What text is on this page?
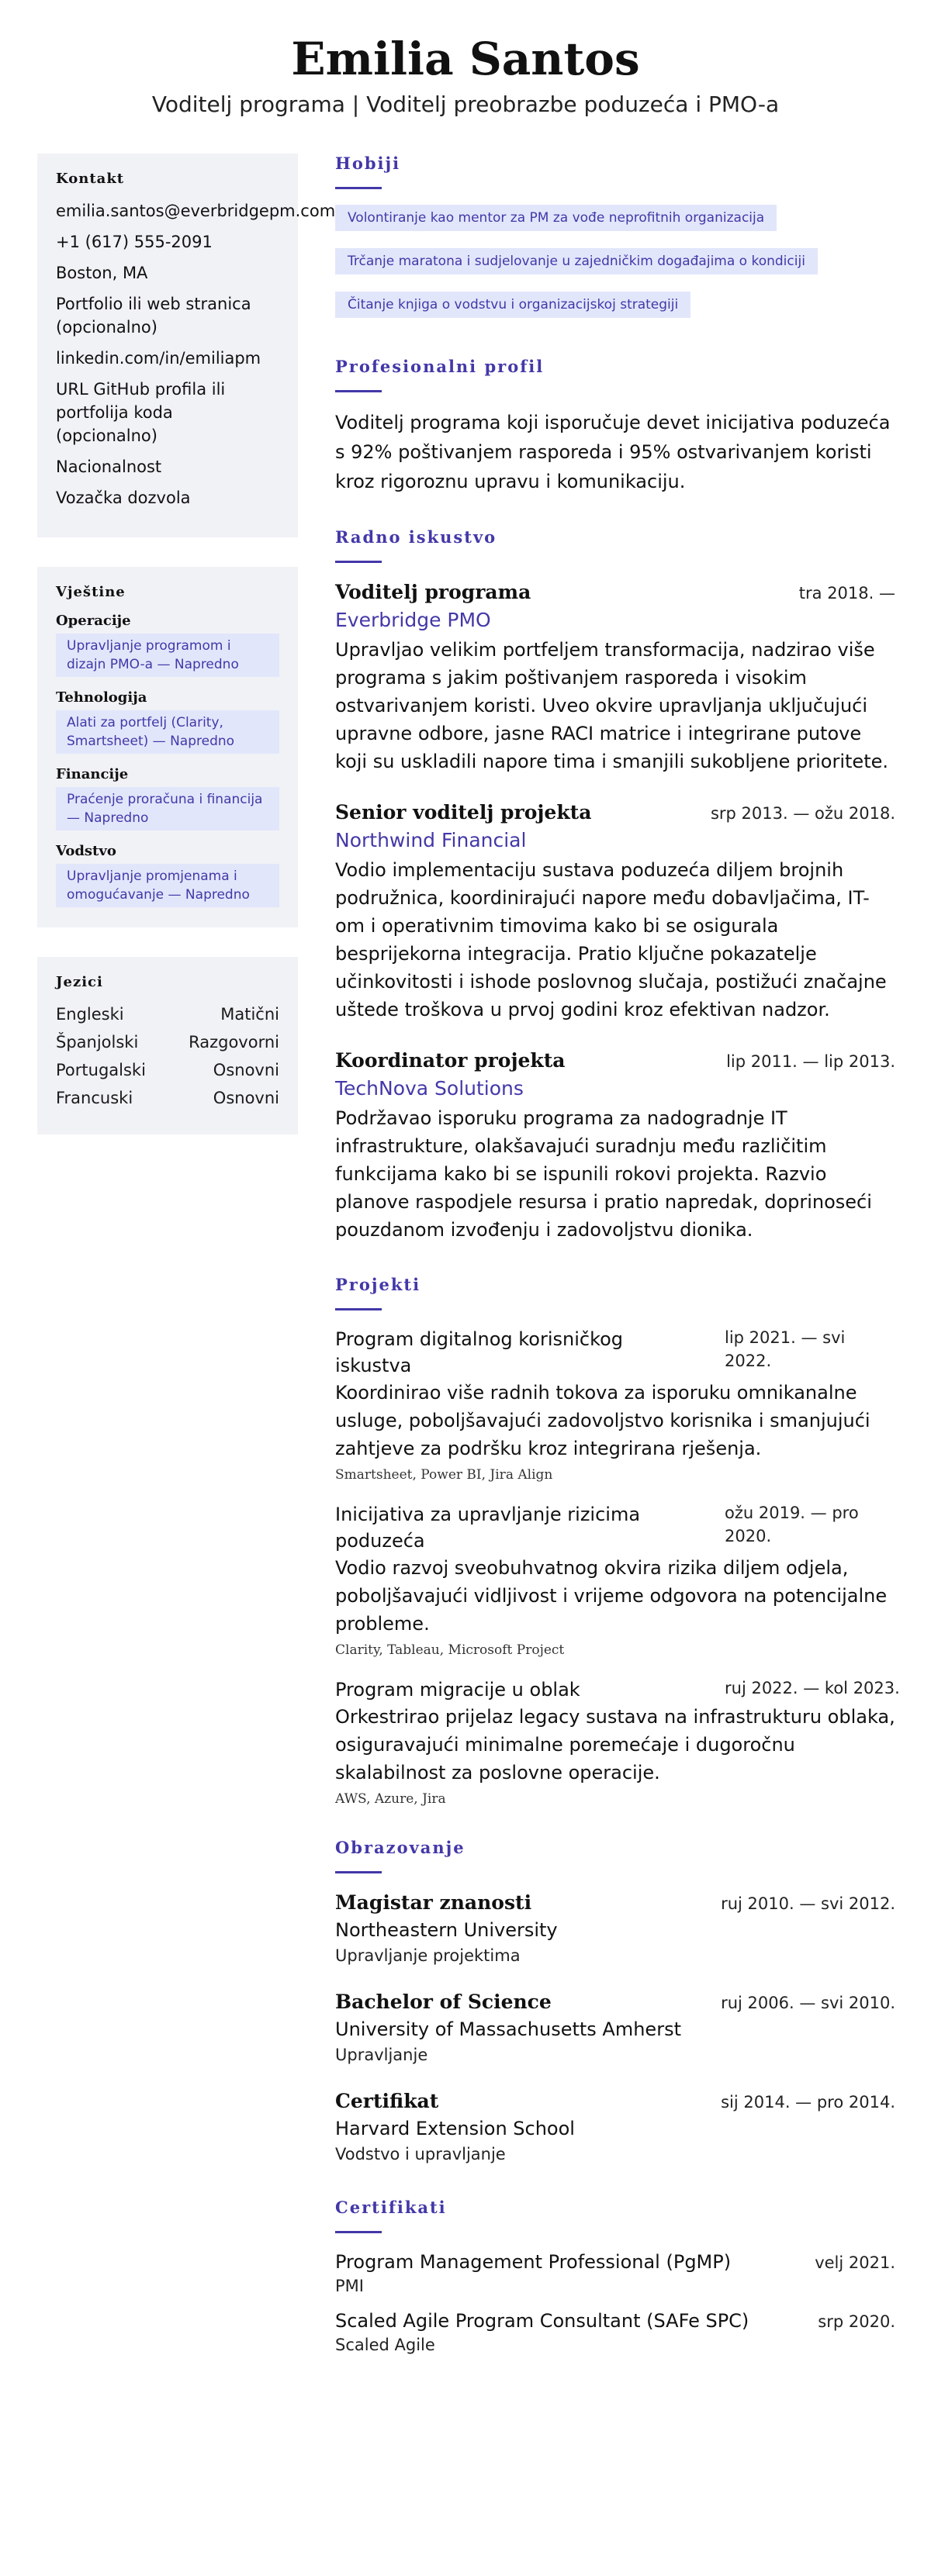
Emilia Santos
Voditelj programa | Voditelj preobrazbe poduzeća i PMO-a
Kontakt
emilia.santos@everbridgepm.com
+1 (617) 555-2091
Boston, MA
Portfolio ili web stranica (opcionalno)
linkedin.com/in/emiliapm
URL GitHub profila ili portfolija koda (opcionalno)
Nacionalnost
Vozačka dozvola
Vještine
Operacije
Upravljanje programom i dizajn PMO-a — Napredno
Tehnologija
Alati za portfelj (Clarity, Smartsheet) — Napredno
Financije
Praćenje proračuna i financija — Napredno
Vodstvo
Upravljanje promjenama i omogućavanje — Napredno
Jezici
Engleski	Matični
Španjolski	Razgovorni
Portugalski	Osnovni
Francuski	Osnovni
Hobiji
Volontiranje kao mentor za PM za vođe neprofitnih organizacija
Trčanje maratona i sudjelovanje u zajedničkim događajima o kondiciji
Čitanje knjiga o vodstvu i organizacijskoj strategiji
Profesionalni profil
Voditelj programa koji isporučuje devet inicijativa poduzeća s 92% poštivanjem rasporeda i 95% ostvarivanjem koristi kroz rigoroznu upravu i komunikaciju.
Radno iskustvo
Voditelj programa	tra 2018. —
Everbridge PMO
Upravljao velikim portfeljem transformacija, nadzirao više programa s jakim poštivanjem rasporeda i visokim ostvarivanjem koristi. Uveo okvire upravljanja uključujući upravne odbore, jasne RACI matrice i integrirane putove koji su uskladili napore tima i smanjili sukobljene prioritete.
Senior voditelj projekta	srp 2013. — ožu 2018.
Northwind Financial
Vodio implementaciju sustava poduzeća diljem brojnih podružnica, koordinirajući napore među dobavljačima, IT-om i operativnim timovima kako bi se osigurala besprijekorna integracija. Pratio ključne pokazatelje učinkovitosti i ishode poslovnog slučaja, postižući značajne uštede troškova u prvoj godini kroz efektivan nadzor.
Koordinator projekta	lip 2011. — lip 2013.
TechNova Solutions
Podržavao isporuku programa za nadogradnje IT infrastrukture, olakšavajući suradnju među različitim funkcijama kako bi se ispunili rokovi projekta. Razvio planove raspodjele resursa i pratio napredak, doprinoseći pouzdanom izvođenju i zadovoljstvu dionika.
Projekti
Program digitalnog korisničkog iskustva
lip 2021. — svi 2022.
Koordinirao više radnih tokova za isporuku omnikanalne usluge, poboljšavajući zadovoljstvo korisnika i smanjujući zahtjeve za podršku kroz integrirana rješenja.
Smartsheet, Power BI, Jira Align
Inicijativa za upravljanje rizicima poduzeća
ožu 2019. — pro 2020.
Vodio razvoj sveobuhvatnog okvira rizika diljem odjela, poboljšavajući vidljivost i vrijeme odgovora na potencijalne probleme.
Clarity, Tableau, Microsoft Project
Program migracije u oblak	ruj 2022. — kol 2023.
Orkestrirao prijelaz legacy sustava na infrastrukturu oblaka, osiguravajući minimalne poremećaje i dugoročnu skalabilnost za poslovne operacije.
AWS, Azure, Jira
Obrazovanje
Magistar znanosti	ruj 2010. — svi 2012.
Northeastern University
Upravljanje projektima
Bachelor of Science	ruj 2006. — svi 2010.
University of Massachusetts Amherst
Upravljanje
Certifikat	sij 2014. — pro 2014.
Harvard Extension School
Vodstvo i upravljanje
Certifikati
Program Management Professional (PgMP)	velj 2021.
PMI
Scaled Agile Program Consultant (SAFe SPC)	srp 2020.
Scaled Agile
